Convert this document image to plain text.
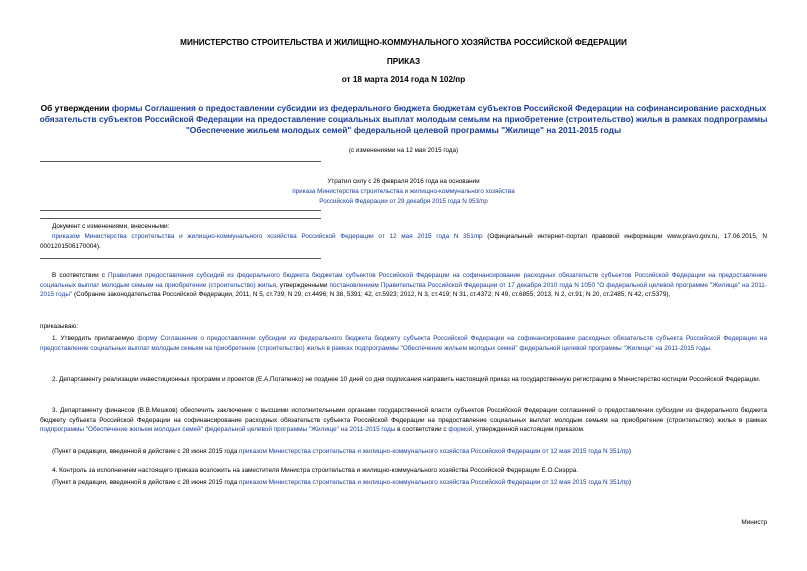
МИНИСТЕРСТВО СТРОИТЕЛЬСТВА И ЖИЛИЩНО-КОММУНАЛЬНОГО ХОЗЯЙСТВА РОССИЙСКОЙ ФЕДЕРАЦИИ
ПРИКАЗ
от 18 марта 2014 года N 102/пр
Об утверждении формы Соглашения о предоставлении субсидии из федерального бюджета бюджетам субъектов Российской Федерации на софинансирование расходных обязательств субъектов Российской Федерации на предоставление социальных выплат молодым семьям на приобретение (строительство) жилья в рамках подпрограммы "Обеспечение жильем молодых семей" федеральной целевой программы "Жилище" на 2011-2015 годы
(с изменениями на 12 мая 2015 года)
Утратил силу с 26 февраля 2016 года на основании
приказа Министерства строительства и жилищно-коммунального хозяйства
Российской Федерации от 29 декабря 2015 года N 953/пр
Документ с изменениями, внесенными:
приказом Министерства строительства и жилищно-коммунального хозяйства Российской Федерации от 12 мая 2015 года N 351/пр (Официальный интернет-портал правовой информации www.pravo.gov.ru, 17.06.2015, N 0001201506170004).
В соответствии с Правилами предоставления субсидий из федерального бюджета бюджетам субъектов Российской Федерации на софинансирование расходных обязательств субъектов Российской Федерации на предоставление социальных выплат молодым семьям на приобретение (строительство) жилья, утвержденными постановлением Правительства Российской Федерации от 17 декабря 2010 года N 1050 "О федеральной целевой программе "Жилище" на 2011-2015 годы" (Собрание законодательства Российской Федерации, 2011, N 5, ст.739; N 29, ст.4496; N 38, 5391; 42, ст.5923; 2012, N 3, ст.419; N 31, ст.4372; N 49, ст.6855; 2013, N 2, ст.91; N 20, ст.2485; N 42, ст.5379),
приказываю:
1. Утвердить прилагаемую форму Соглашения о предоставлении субсидии из федерального бюджета бюджету субъекта Российской Федерации на софинансирование расходных обязательств субъекта Российской Федерации на предоставление социальных выплат молодым семьям на приобретение (строительство) жилья в рамках подпрограммы "Обеспечение жильем молодых семей" федеральной целевой программы "Жилище" на 2011-2015 годы.
2. Департаменту реализации инвестиционных программ и проектов (Е.А.Потапенко) не позднее 10 дней со дня подписания направить настоящий приказ на государственную регистрацию в Министерство юстиции Российской Федерации.
3. Департаменту финансов (В.В.Мешков) обеспечить заключение с высшими исполнительными органами государственной власти субъектов Российской Федерации соглашений о предоставлении субсидии из федерального бюджета бюджету субъекта Российской Федерации на софинансирование расходных обязательств субъекта Российской Федерации на предоставление социальных выплат молодым семьям на приобретение (строительство) жилья в рамках подпрограммы "Обеспечение жильем молодых семей" федеральной целевой программы "Жилище" на 2011-2015 годы в соответствии с формой, утвержденной настоящим приказом.
(Пункт в редакции, введенной в действие с 28 июня 2015 года приказом Министерства строительства и жилищно-коммунального хозяйства Российской Федерации от 12 мая 2015 года N 351/пр)
4. Контроль за исполнением настоящего приказа возложить на заместителя Министра строительства и жилищно-коммунального хозяйства Российской Федерации Е.О.Сиэрра.
(Пункт в редакции, введенной в действие с 28 июня 2015 года приказом Министерства строительства и жилищно-коммунального хозяйства Российской Федерации от 12 мая 2015 года N 351/пр)
Министр
